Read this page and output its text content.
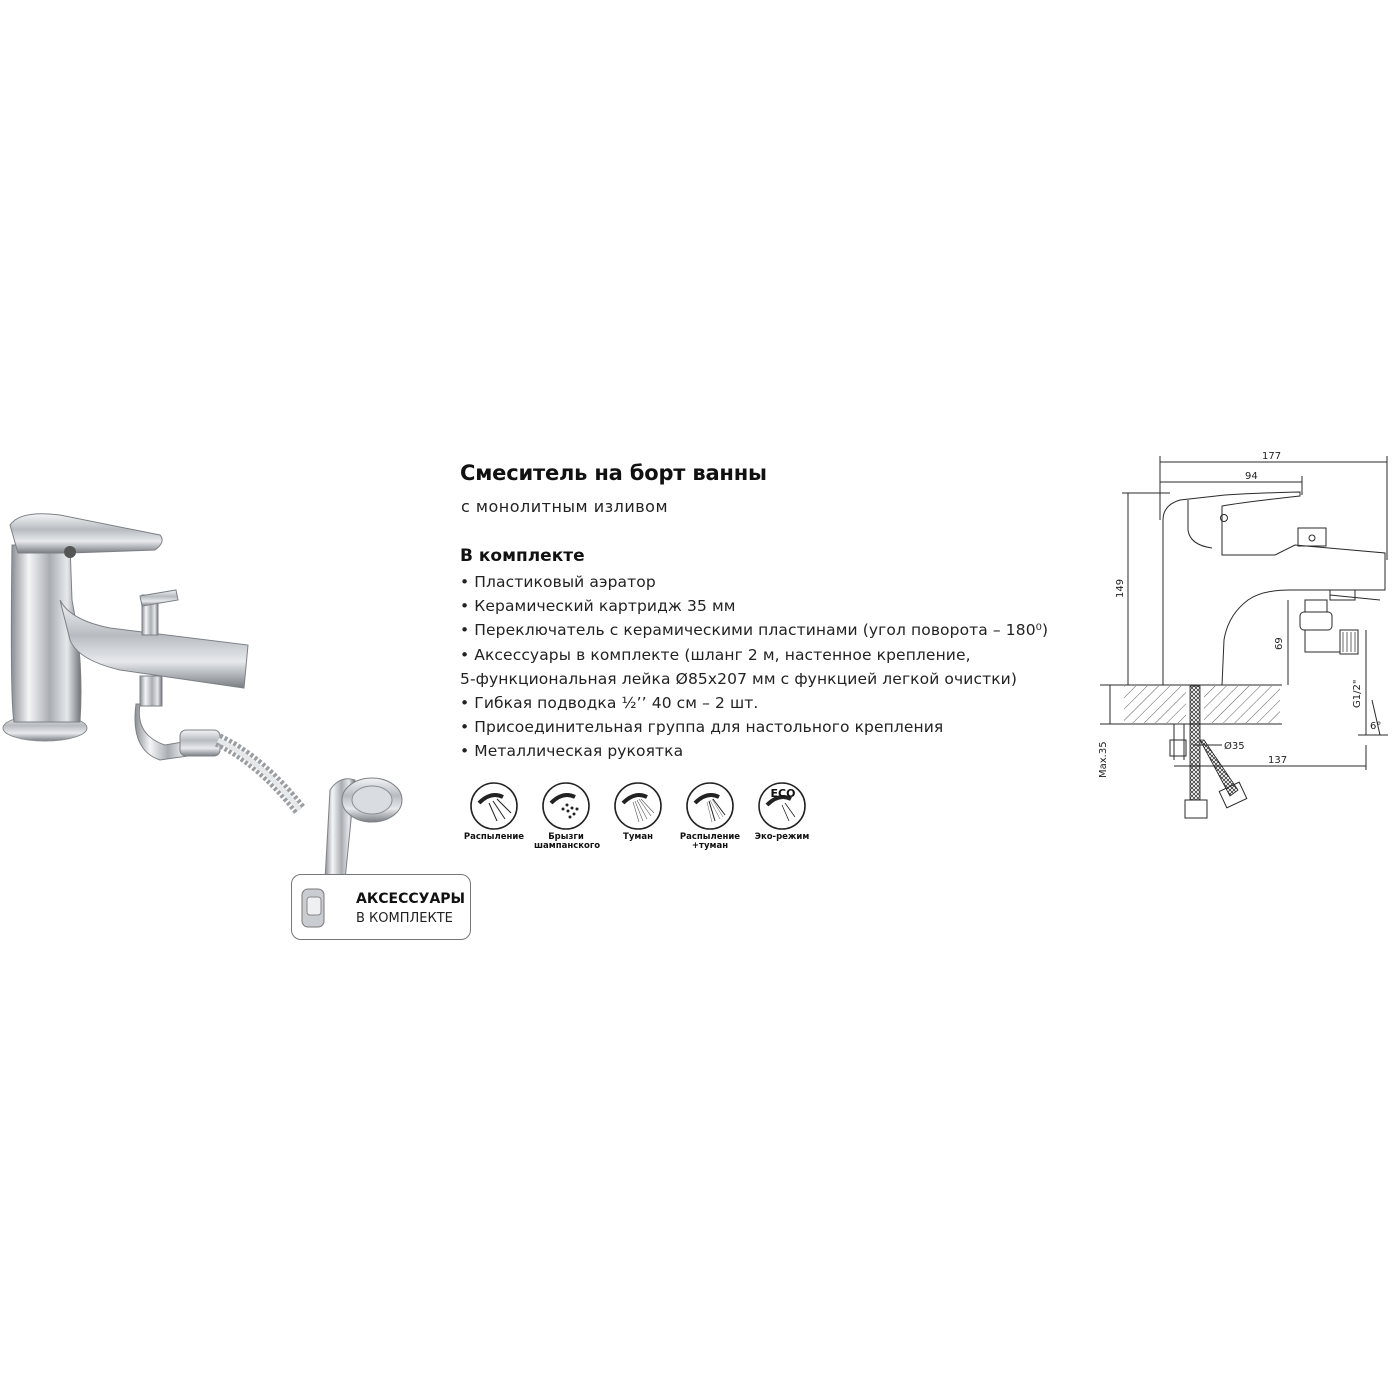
АКСЕССУАРЫ
В КОМПЛЕКТЕ
Смеситель на борт ванны
с монолитным изливом
В комплекте
• Пластиковый аэратор
• Керамический картридж 35 мм
• Переключатель с керамическими пластинами (угол поворота – 180⁰)
• Аксессуары в комплекте (шланг 2 м, настенное крепление,
5-функциональная лейка Ø85x207 мм с функцией легкой очистки)
• Гибкая подводка ½’’ 40 см – 2 шт.
• Присоединительная группа для настольного крепления
• Металлическая рукоятка
Распыление	Брызги
шампанского
Туман	Распыление
+туман
ECO
Эко-режим

177
94
149
69
G1/2"
6°
Max.35	Ø35
137
